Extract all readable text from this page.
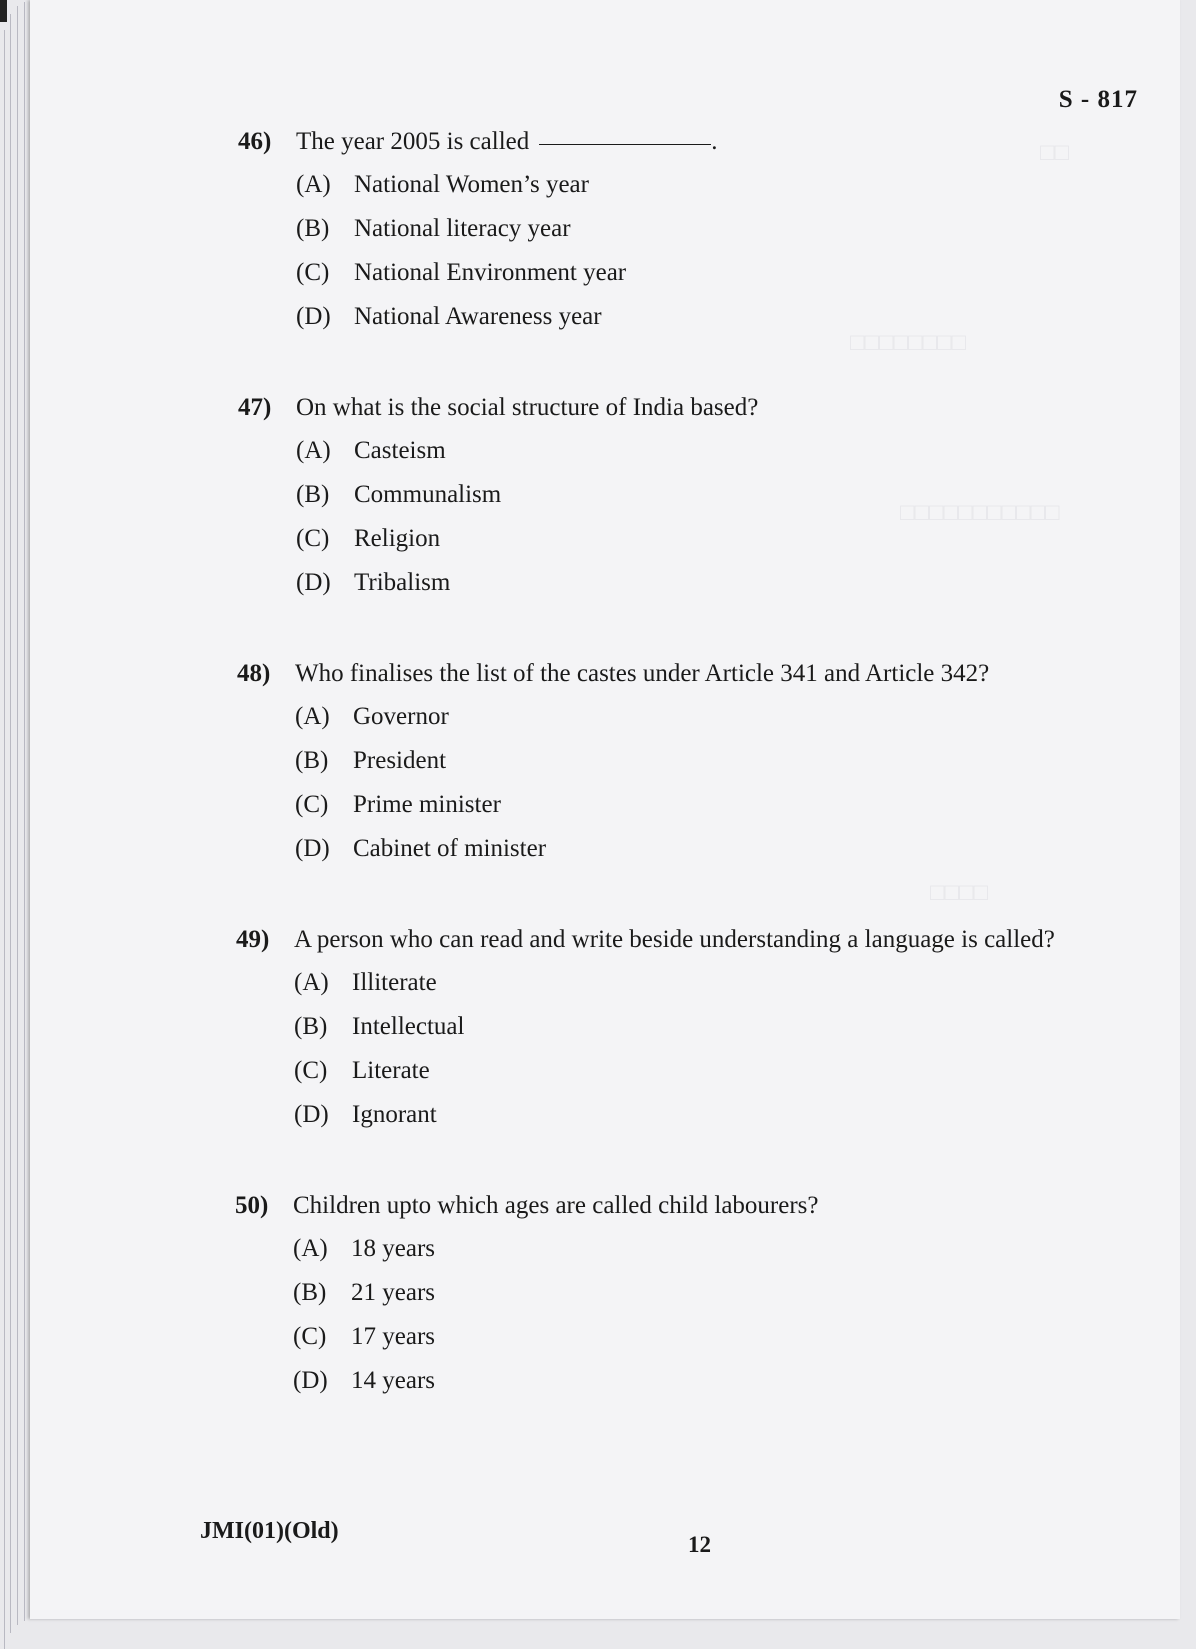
□□
□□□□□□□□
□□□□□□□□□□□
□□□□
S - 817
46) The year 2005 is called	.
(A) National Women’s year
(B) National literacy year
(C) National Environment year
(D) National Awareness year
47) On what is the social structure of India based?
(A) Casteism
(B) Communalism
(C) Religion
(D) Tribalism
48) Who finalises the list of the castes under Article 341 and Article 342?
(A) Governor
(B) President
(C) Prime minister
(D) Cabinet of minister
49) A person who can read and write beside understanding a language is called?
(A) Illiterate
(B) Intellectual
(C) Literate
(D) Ignorant
50) Children upto which ages are called child labourers?
(A) 18 years
(B) 21 years
(C) 17 years
(D) 14 years
JMI(01)(Old)
12
